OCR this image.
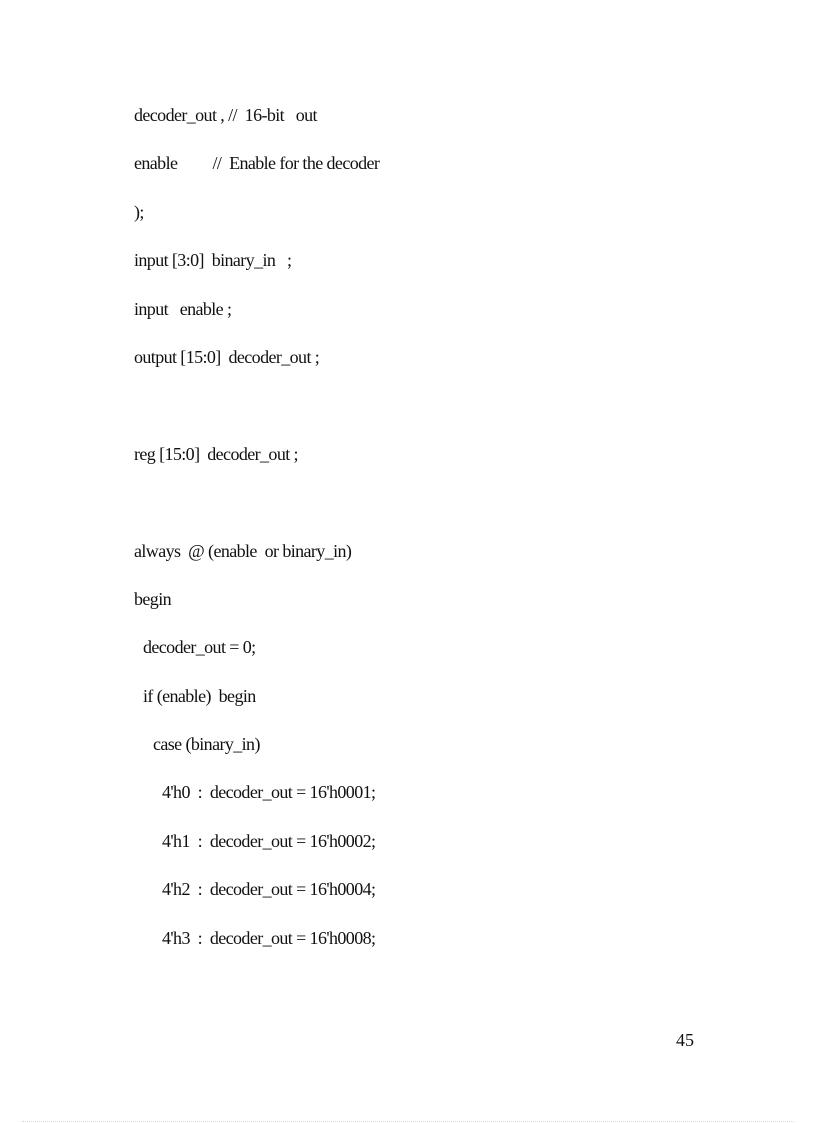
decoder_out , //  16-bit   out
enable         //  Enable for the decoder
);
input [3:0]  binary_in   ;
input   enable ;
output [15:0]  decoder_out ;
reg [15:0]  decoder_out ;
always  @ (enable  or binary_in)
begin
decoder_out = 0;
if (enable)  begin
case (binary_in)
4'h0  :  decoder_out = 16'h0001;
4'h1  :  decoder_out = 16'h0002;
4'h2  :  decoder_out = 16'h0004;
4'h3  :  decoder_out = 16'h0008;
45
